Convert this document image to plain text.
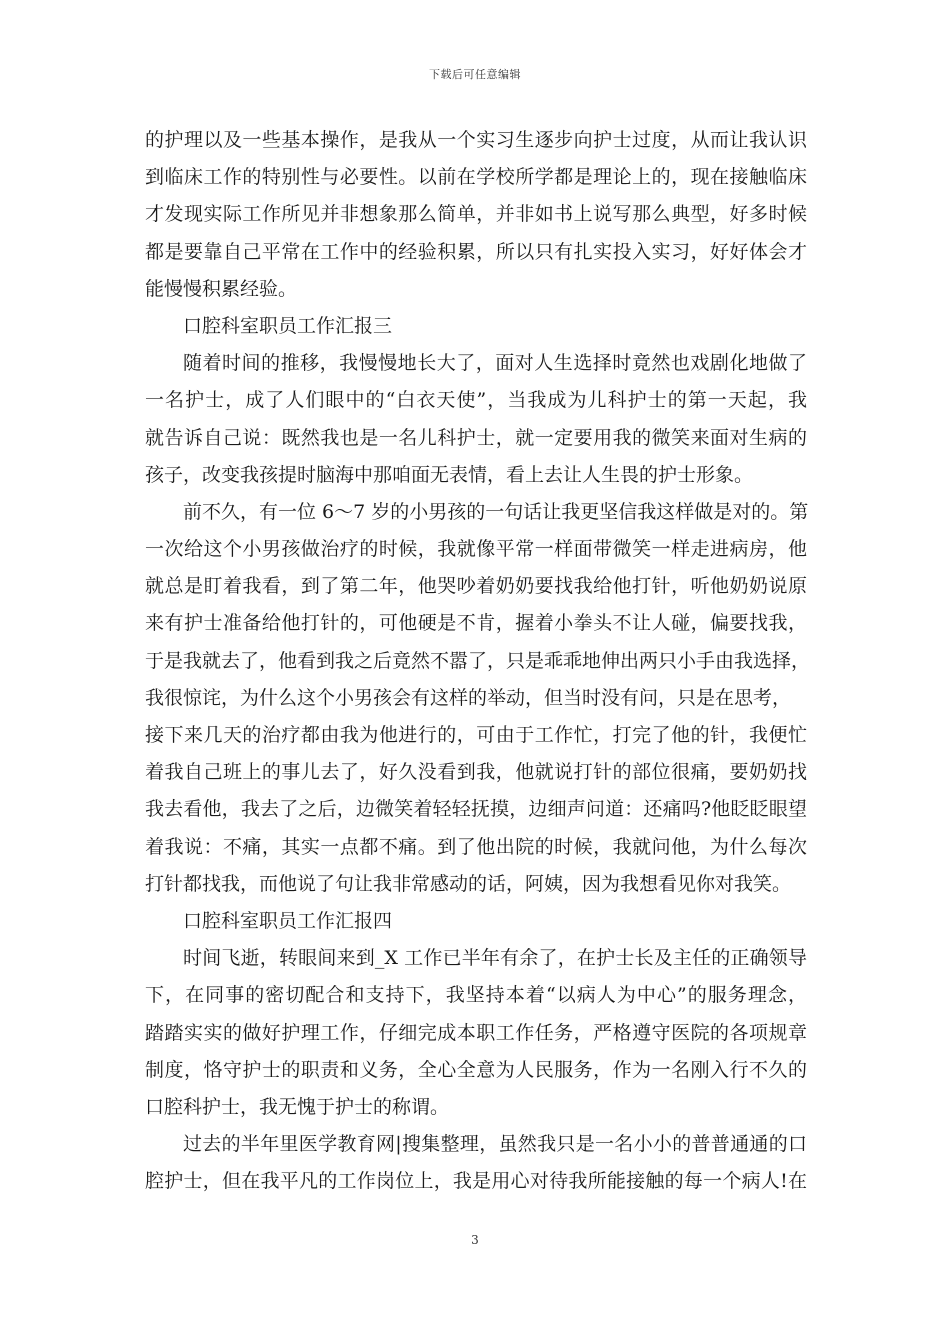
下载后可任意编辑
的护理以及一些基本操作，是我从一个实习生逐步向护士过度，从而让我认识
到临床工作的特别性与必要性。以前在学校所学都是理论上的，现在接触临床
才发现实际工作所见并非想象那么简单，并非如书上说写那么典型，好多时候
都是要靠自己平常在工作中的经验积累，所以只有扎实投入实习，好好体会才
能慢慢积累经验。
口腔科室职员工作汇报三
随着时间的推移，我慢慢地长大了，面对人生选择时竟然也戏剧化地做了
一名护士，成了人们眼中的“白衣天使”，当我成为儿科护士的第一天起，我
就告诉自己说：既然我也是一名儿科护士，就一定要用我的微笑来面对生病的
孩子，改变我孩提时脑海中那咱面无表情，看上去让人生畏的护士形象。
前不久，有一位 6～7 岁的小男孩的一句话让我更坚信我这样做是对的。第
一次给这个小男孩做治疗的时候，我就像平常一样面带微笑一样走进病房，他
就总是盯着我看，到了第二年，他哭吵着奶奶要找我给他打针，听他奶奶说原
来有护士准备给他打针的，可他硬是不肯，握着小拳头不让人碰，偏要找我，
于是我就去了，他看到我之后竟然不嚣了，只是乖乖地伸出两只小手由我选择，
我很惊诧，为什么这个小男孩会有这样的举动，但当时没有问，只是在思考，
接下来几天的治疗都由我为他进行的，可由于工作忙，打完了他的针，我便忙
着我自己班上的事儿去了，好久没看到我，他就说打针的部位很痛，要奶奶找
我去看他，我去了之后，边微笑着轻轻抚摸，边细声问道：还痛吗?他眨眨眼望
着我说：不痛，其实一点都不痛。到了他出院的时候，我就问他，为什么每次
打针都找我，而他说了句让我非常感动的话，阿姨，因为我想看见你对我笑。
口腔科室职员工作汇报四
时间飞逝，转眼间来到_X 工作已半年有余了，在护士长及主任的正确领导
下，在同事的密切配合和支持下，我坚持本着“以病人为中心”的服务理念，
踏踏实实的做好护理工作，仔细完成本职工作任务，严格遵守医院的各项规章
制度，恪守护士的职责和义务，全心全意为人民服务，作为一名刚入行不久的
口腔科护士，我无愧于护士的称谓。
过去的半年里医学教育网|搜集整理，虽然我只是一名小小的普普通通的口
腔护士，但在我平凡的工作岗位上，我是用心对待我所能接触的每一个病人!在
3
